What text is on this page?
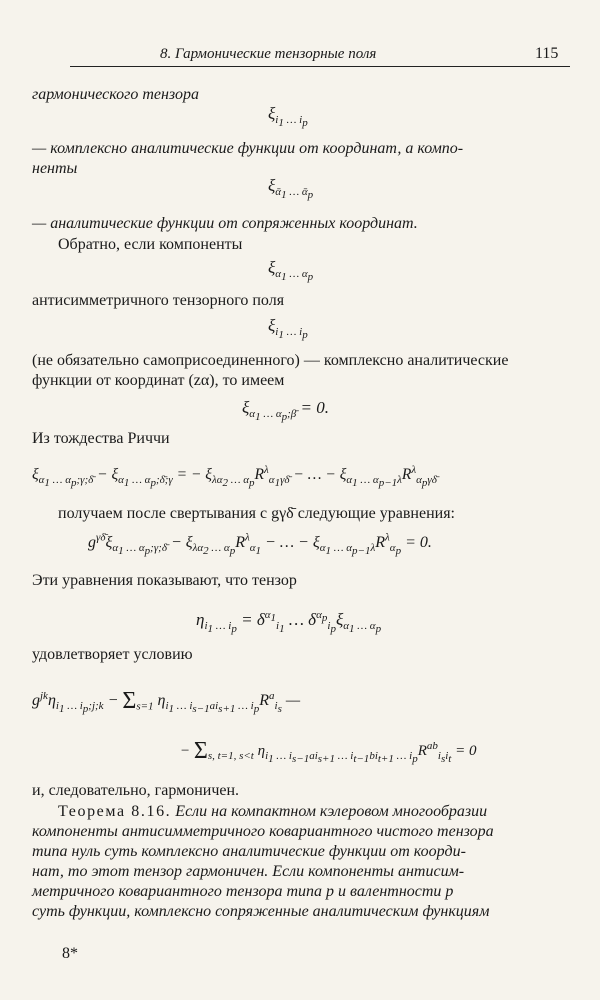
8. Гармонические тензорные поля	115
гармонического тензора
$\xi_{i_1 \dots i_p}$
— комплексно аналитические функции от координат, а компо-
ненты
$\xi_{ᾱ_1 \dots ᾱ_p}$
— аналитические функции от сопряженных координат.
Обратно, если компоненты
$\xi_{\alpha_1 \dots \alpha_p}$
антисимметричного тензорного поля
$\xi_{i_1 \dots i_p}$
(не обязательно самоприсоединенного) — комплексно аналитические
функции от координат (zα), то имеем
$\xi_{\alpha_1 \dots \alpha_p;\betā} = 0$.
Из тождества Риччи
$\xi_{\alpha_1 \dots \alpha_p;\gamma;\deltā} - \xi_{\alpha_1 \dots \alpha_p;\deltā;\gamma}$ = − $\xi_{\lambda\alpha_2 \dots \alpha_p}R^\lambda_{\alpha_1\gamma\deltā}$ − … − $\xi_{\alpha_1 \dots \alpha_{p-1}\lambda}R^\lambda_{\alpha_p\gamma\deltā}$
получаем после свертывания с gγδ̄ следующие уравнения:
$g^{\gamma\deltā}\xi_{\alpha_1 \dots \alpha_p;\gamma;\deltā} - \xi_{\lambda\alpha_2 \dots \alpha_p}R^\lambda_{\alpha_1}$ − … − $\xi_{\alpha_1 \dots \alpha_{p-1}\lambda}R^\lambda_{\alpha_p} = 0$.
Эти уравнения показывают, что тензор
$\eta_{i_1 \dots i_p} = \delta^{\alpha_1}_{i_1}$ … $\delta^{\alpha_p}_{i_p}\xi_{\alpha_1 \dots \alpha_p}$
удовлетворяет условию
$g^{jk}\eta_{i_1 \dots i_p;j;k} - \Sigma_{s=1}$ $\eta_{i_1 \dots i_{s-1}ai_{s+1} \dots i_p}R^a_{i_s}$ —
− $\Sigma_{s, t=1, s<t}$ $\eta_{i_1 \dots i_{s-1}ai_{s+1} \dots i_{t-1}bi_{t+1} \dots i_p}R^{ab}_{i_si_t} = 0$
и, следовательно, гармоничен.
Теорема 8.16. Если на компактном кэлеровом многообразии
компоненты антисимметричного ковариантного чистого тензора
типа нуль суть комплексно аналитические функции от коорди-
нат, то этот тензор гармоничен. Если компоненты антисим-
метричного ковариантного тензора типа p и валентности p
суть функции, комплексно сопряженные аналитическим функциям
8*
